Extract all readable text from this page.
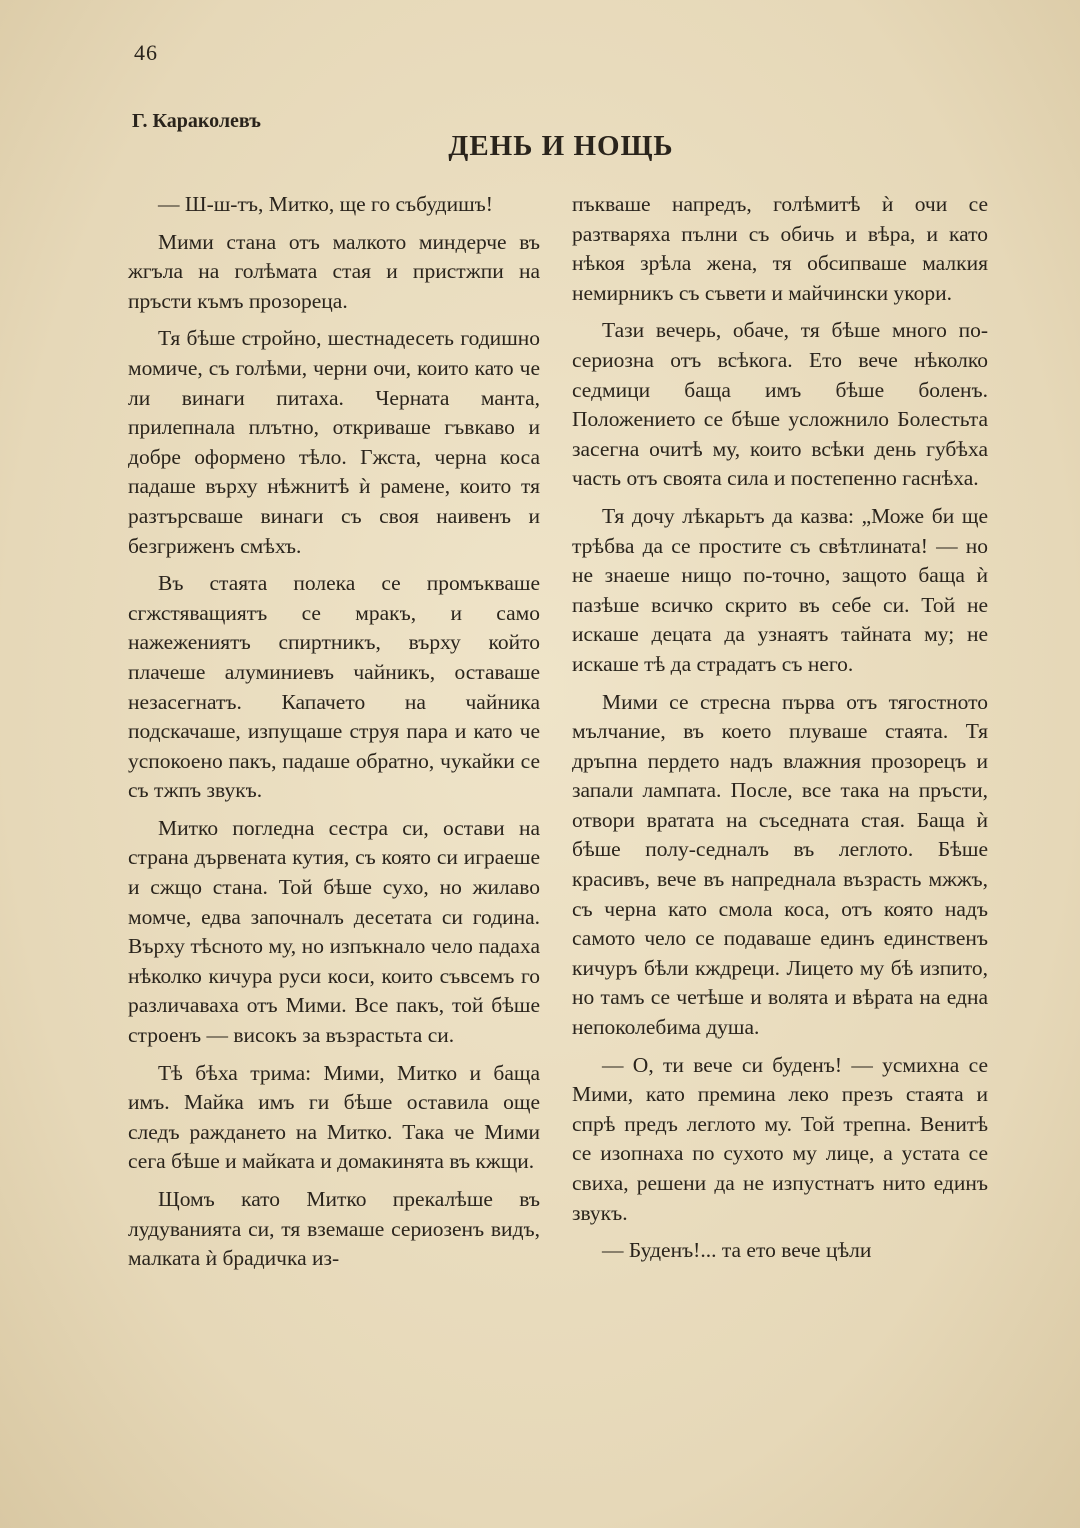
46
Г. Караколевъ
ДЕНЬ И НОЩЬ

— Ш-ш-тъ, Митко, ще го събудишъ!

Мими стана отъ малкото миндерче въ жгъла на голѣмата стая и пристжпи на пръсти къмъ прозореца.

Тя бѣше стройно, шестнадесеть годишно момиче, съ голѣми, черни очи, които като че ли винаги питаха. Черната манта, прилепнала плътно, откриваше гъвкаво и добре оформено тѣло. Гжста, черна коса падаше върху нѣжнитѣ ѝ рамене, които тя разтърсваше винаги съ своя наивенъ и безгриженъ смѣхъ.

Въ стаята полека се промъкваше сгжстяващиятъ се мракъ, и само нажежениятъ спиртникъ, върху който плачеше алуминиевъ чайникъ, оставаше незасегнатъ. Капачето на чайника подскачаше, изпущаше струя пара и като че успокоено пакъ, падаше обратно, чукайки се съ тжпъ звукъ.

Митко погледна сестра си, остави на страна дървената кутия, съ която си играеше и сжщо стана. Той бѣше сухо, но жилаво момче, едва започналъ десетата си година. Върху тѣсното му, но изпъкнало чело падаха нѣколко кичура руси коси, които съвсемъ го различаваха отъ Мими. Все пакъ, той бѣше строенъ — високъ за възрастьта си.

Тѣ бѣха трима: Мими, Митко и баща имъ. Майка имъ ги бѣше оставила още следъ раждането на Митко. Така че Мими сега бѣше и майката и домакинята въ кжщи.

Щомъ като Митко прекалѣше въ лудуванията си, тя вземаше сериозенъ видъ, малката ѝ брадичка из-

пъкваше напредъ, голѣмитѣ ѝ очи се разтваряха пълни съ обичь и вѣра, и като нѣкоя зрѣла жена, тя обсипваше малкия немирникъ съ съвети и майчински укори.

Тази вечерь, обаче, тя бѣше много по-сериозна отъ всѣкога. Ето вече нѣколко седмици баща имъ бѣше боленъ. Положението се бѣше усложнило Болестьта засегна очитѣ му, които всѣки день губѣха часть отъ своята сила и постепенно гаснѣха.

Тя дочу лѣкарьтъ да казва: „Може би ще трѣбва да се простите съ свѣтлината! — но не знаеше нищо по-точно, защото баща ѝ пазѣше всичко скрито въ себе си. Той не искаше децата да узнаятъ тайната му; не искаше тѣ да страдатъ съ него.

Мими се стресна първа отъ тягостното мълчание, въ което плуваше стаята. Тя дръпна пердето надъ влажния прозорецъ и запали лампата. После, все така на пръсти, отвори вратата на съседната стая. Баща ѝ бѣше полу-седналъ въ леглото. Бѣше красивъ, вече въ напреднала възрасть мжжъ, съ черна като смола коса, отъ която надъ самото чело се подаваше единъ единственъ кичуръ бѣли кждреци. Лицето му бѣ изпито, но тамъ се четѣше и волята и вѣрата на една непоколебима душа.

— О, ти вече си буденъ! — усмихна се Мими, като премина леко презъ стаята и спрѣ предъ леглото му. Той трепна. Венитѣ се изопнаха по сухото му лице, а устата се свиха, решени да не изпустнатъ нито единъ звукъ.

— Буденъ!... та ето вече цѣли
